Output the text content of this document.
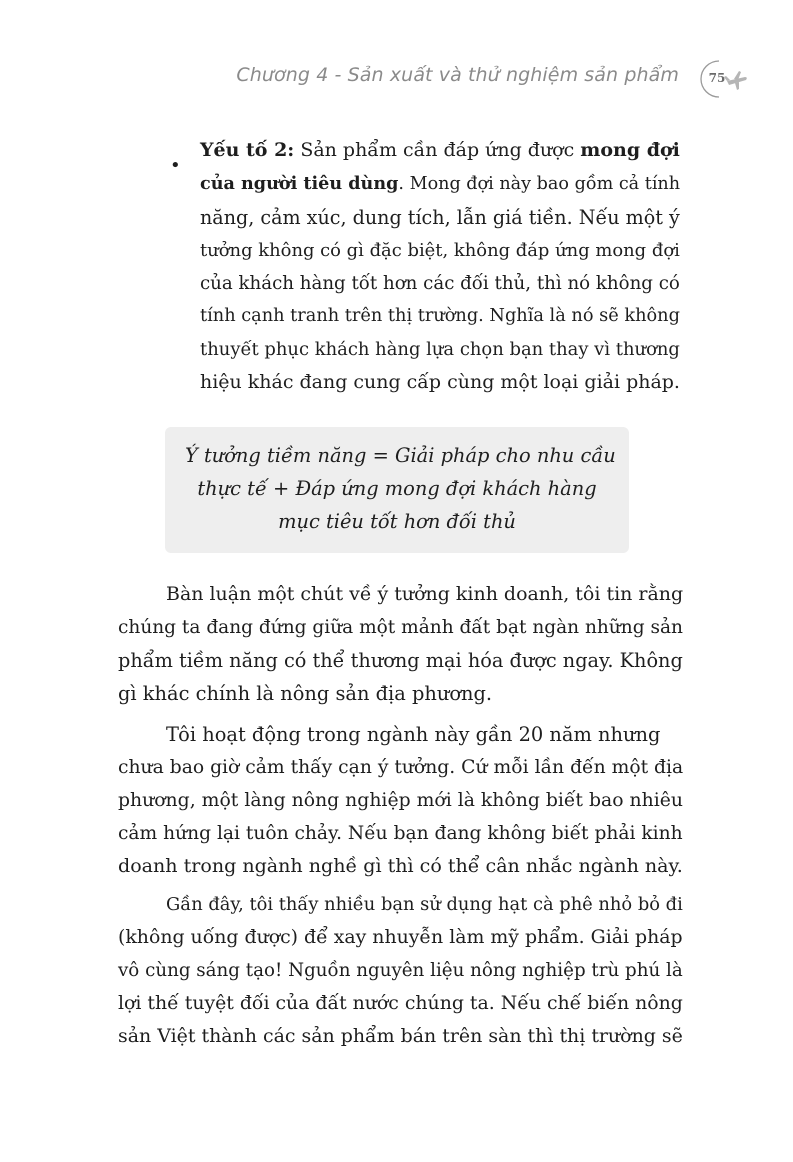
Chương 4 - Sản xuất và thử nghiệm sản phẩm	75
•

Yếu tố 2: Sản phẩm cần đáp ứng được mong đợi

của người tiêu dùng. Mong đợi này bao gồm cả tính

năng, cảm xúc, dung tích, lẫn giá tiền. Nếu một ý

tưởng không có gì đặc biệt, không đáp ứng mong đợi

của khách hàng tốt hơn các đối thủ, thì nó không có

tính cạnh tranh trên thị trường. Nghĩa là nó sẽ không

thuyết phục khách hàng lựa chọn bạn thay vì thương

hiệu khác đang cung cấp cùng một loại giải pháp.

Ý tưởng tiềm năng = Giải pháp cho nhu cầu

thực tế + Đáp ứng mong đợi khách hàng

mục tiêu tốt hơn đối thủ

Bàn luận một chút về ý tưởng kinh doanh, tôi tin rằng

chúng ta đang đứng giữa một mảnh đất bạt ngàn những sản

phẩm tiềm năng có thể thương mại hóa được ngay. Không

gì khác chính là nông sản địa phương.

Tôi hoạt động trong ngành này gần 20 năm nhưng

chưa bao giờ cảm thấy cạn ý tưởng. Cứ mỗi lần đến một địa

phương, một làng nông nghiệp mới là không biết bao nhiêu

cảm hứng lại tuôn chảy. Nếu bạn đang không biết phải kinh

doanh trong ngành nghề gì thì có thể cân nhắc ngành này.

Gần đây, tôi thấy nhiều bạn sử dụng hạt cà phê nhỏ bỏ đi

(không uống được) để xay nhuyễn làm mỹ phẩm. Giải pháp

vô cùng sáng tạo! Nguồn nguyên liệu nông nghiệp trù phú là

lợi thế tuyệt đối của đất nước chúng ta. Nếu chế biến nông

sản Việt thành các sản phẩm bán trên sàn thì thị trường sẽ
